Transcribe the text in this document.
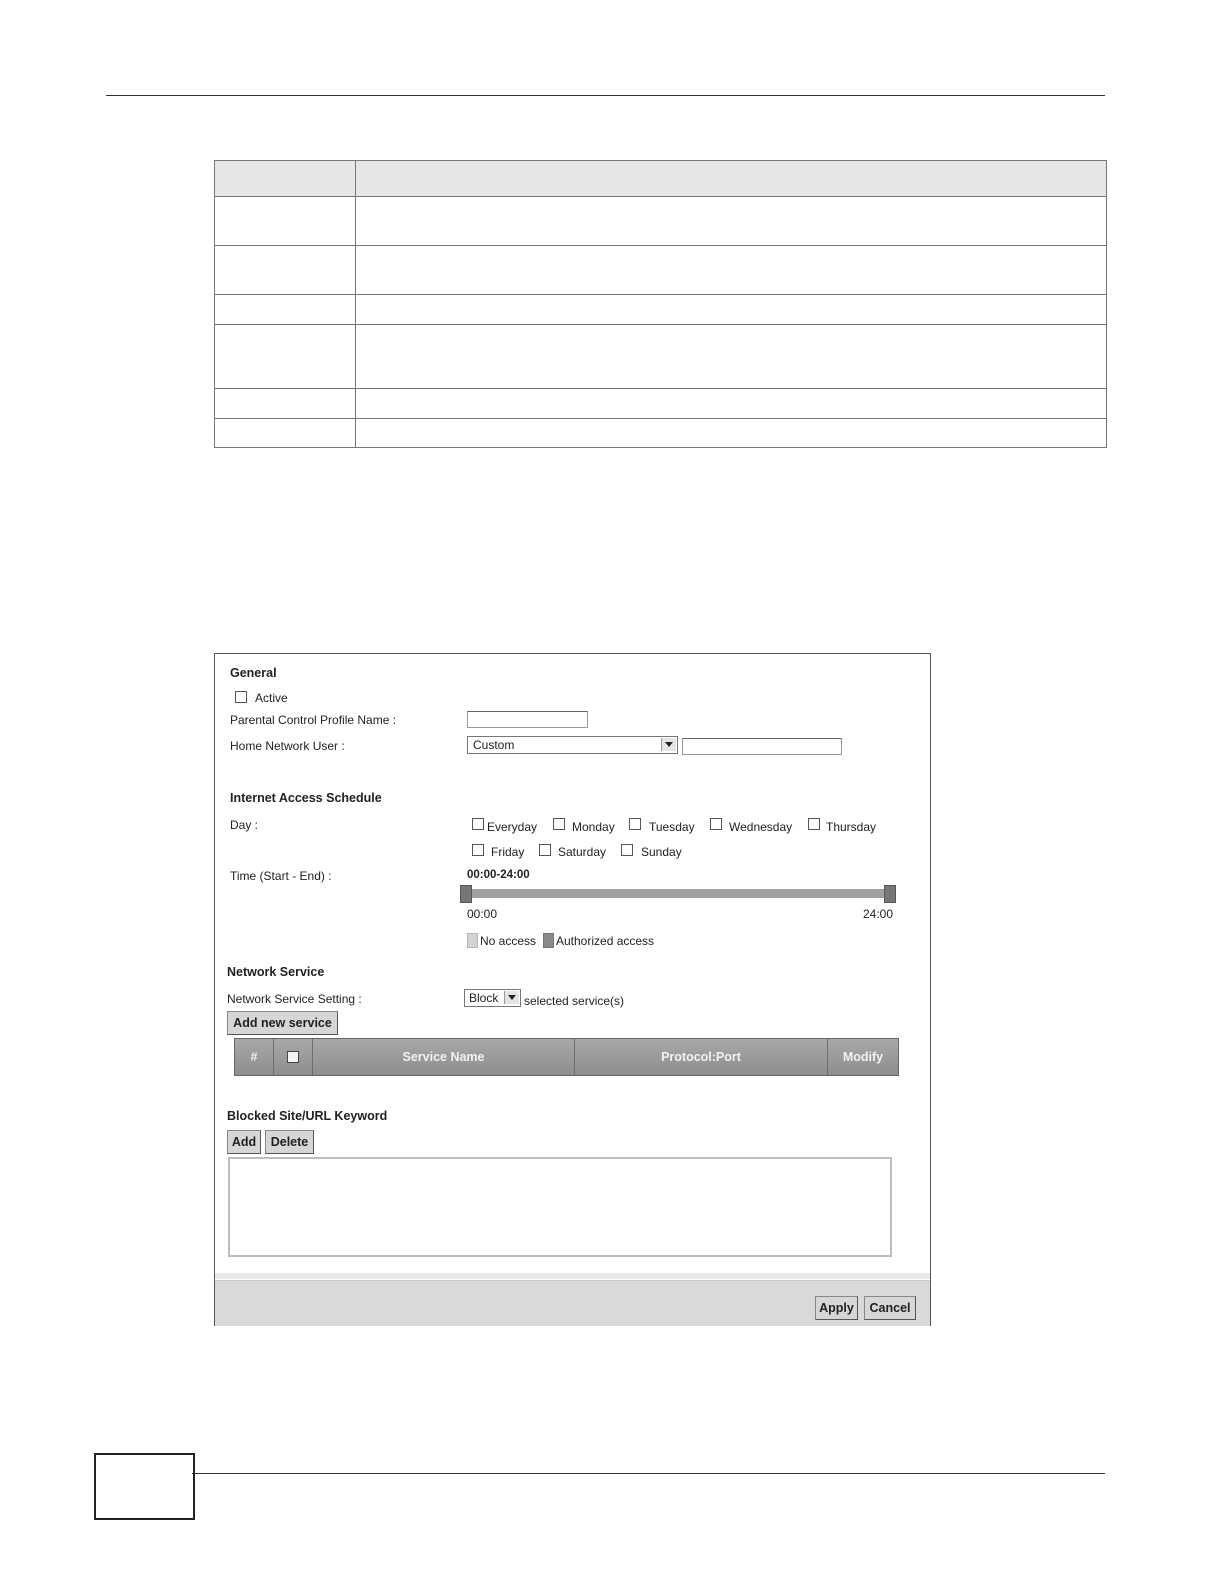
General
Active
Parental Control Profile Name :
Home Network User :	Custom
Internet Access Schedule
Day :	Everyday	Monday	Tuesday	Wednesday	Thursday
Friday	Saturday	Sunday
Time (Start - End) :	00:00-24:00
00:00	24:00
No access Authorized access
Network Service
Network Service Setting :	Block selected service(s)
Add new service
#	Service Name	Protocol:Port	Modify
Blocked Site/URL Keyword
Add	Delete
Apply	Cancel
